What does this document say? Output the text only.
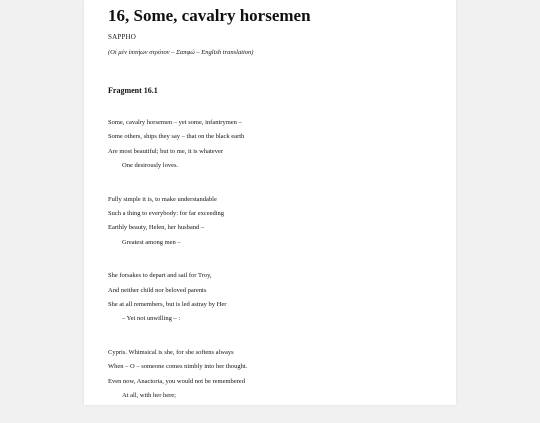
16, Some, cavalry horsemen
SAPPHO
(Οἰ μὲν ἰππήων στρότον – Σαπφώ – English translation)
Fragment 16.1
Some, cavalry horsemen – yet some, infantrymen –
Some others, ships they say – that on the black earth
Are most beautiful; but to me, it is whatever
One desirously loves.
Fully simple it is, to make understandable
Such a thing to everybody: for far exceeding
Earthly beauty, Helen, her husband –
Greatest among men –
She forsakes to depart and sail for Troy,
And neither child nor beloved parents
She at all remembers, but is led astray by Her
– Yet not unwilling – :
Cypris. Whimsical is she, for she softens always
When – O – someone comes nimbly into her thought.
Even now, Anactoria, you would not be remembered
At all, with her here;
